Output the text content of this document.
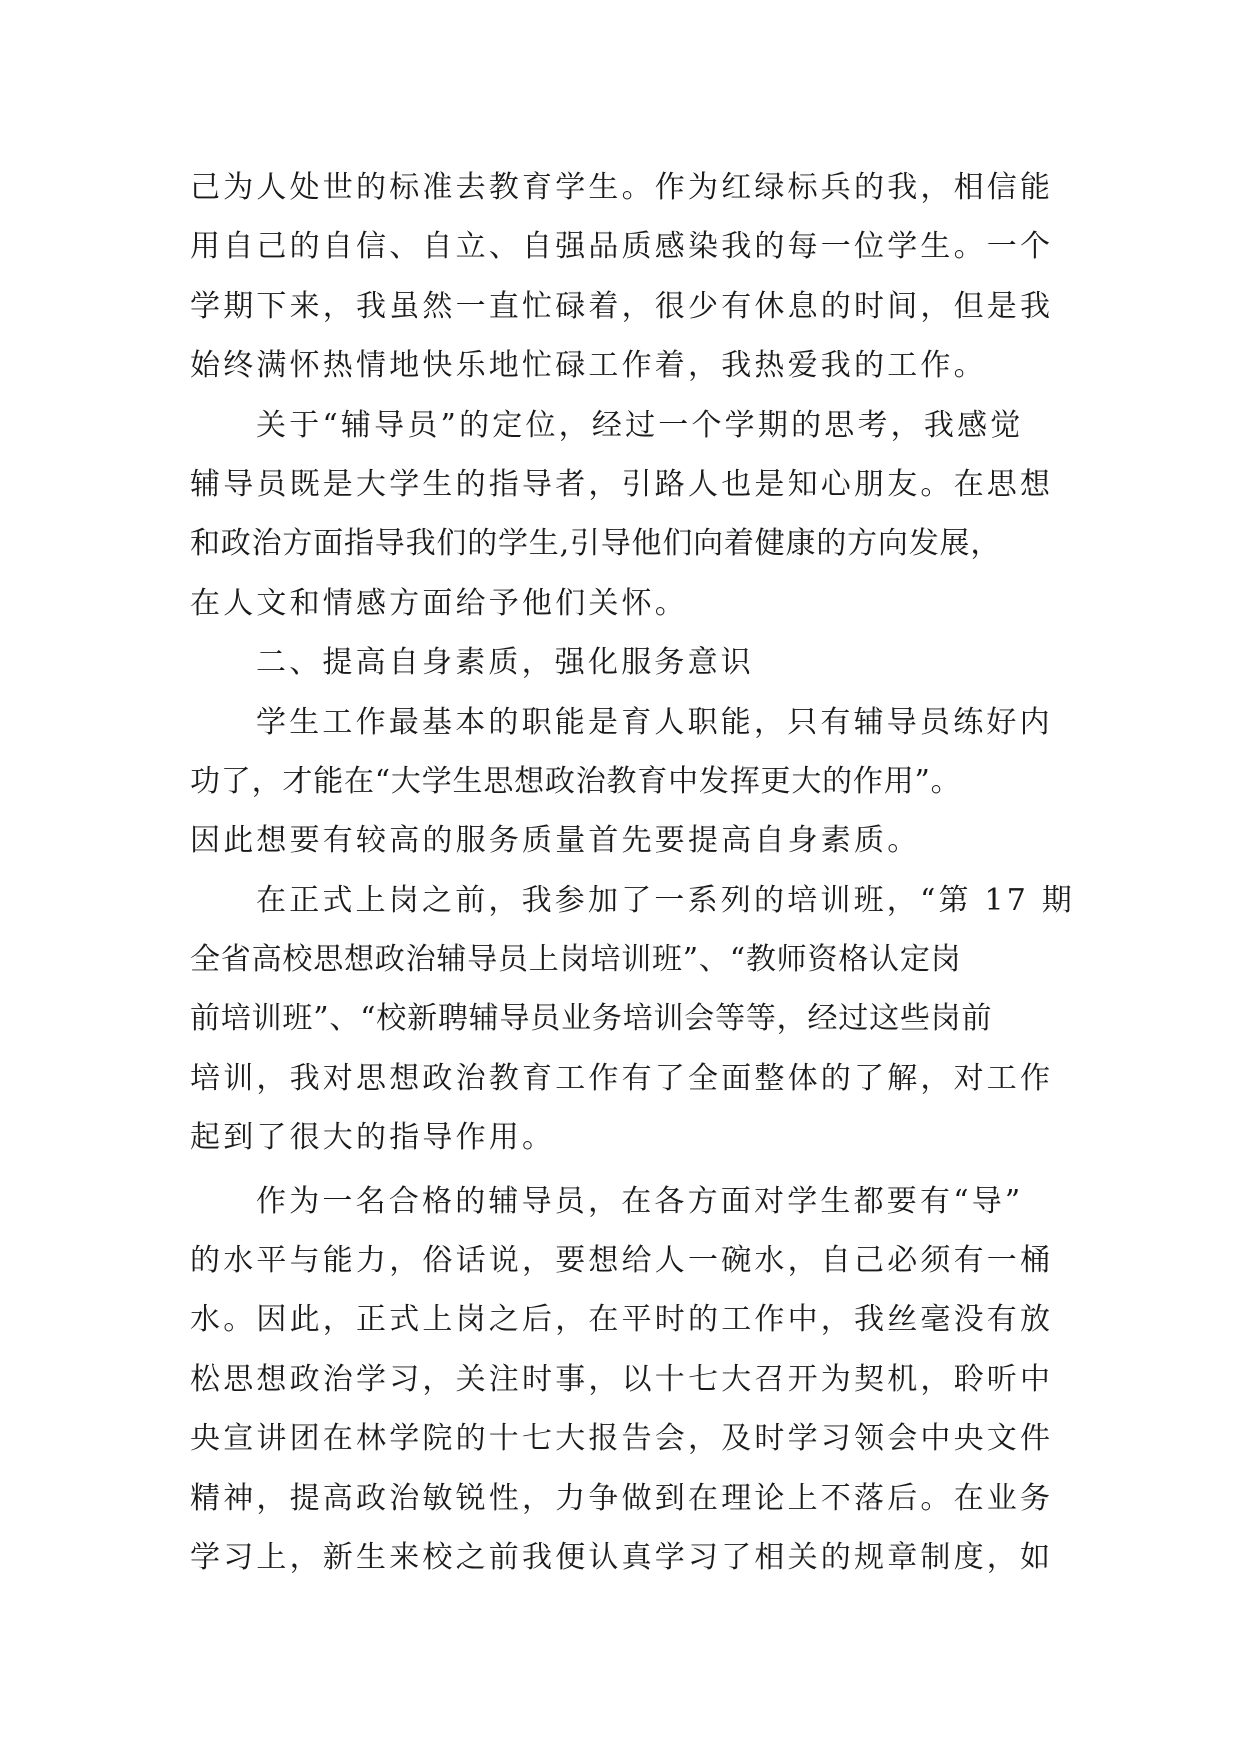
己为人处世的标准去教育学生。作为红绿标兵的我，相信能
用自己的自信、自立、自强品质感染我的每一位学生。一个
学期下来，我虽然一直忙碌着，很少有休息的时间，但是我
始终满怀热情地快乐地忙碌工作着，我热爱我的工作。
关于“辅导员”的定位，经过一个学期的思考，我感觉
辅导员既是大学生的指导者，引路人也是知心朋友。在思想
和政治方面指导我们的学生,引导他们向着健康的方向发展，
在人文和情感方面给予他们关怀。
二、提高自身素质，强化服务意识
学生工作最基本的职能是育人职能，只有辅导员练好内
功了，才能在“大学生思想政治教育中发挥更大的作用”。
因此想要有较高的服务质量首先要提高自身素质。
在正式上岗之前，我参加了一系列的培训班，“第 17 期
全省高校思想政治辅导员上岗培训班”、“教师资格认定岗
前培训班”、“校新聘辅导员业务培训会等等，经过这些岗前
培训，我对思想政治教育工作有了全面整体的了解，对工作
起到了很大的指导作用。
作为一名合格的辅导员，在各方面对学生都要有“导”
的水平与能力，俗话说，要想给人一碗水，自己必须有一桶
水。因此，正式上岗之后，在平时的工作中，我丝毫没有放
松思想政治学习，关注时事，以十七大召开为契机，聆听中
央宣讲团在林学院的十七大报告会，及时学习领会中央文件
精神，提高政治敏锐性，力争做到在理论上不落后。在业务
学习上，新生来校之前我便认真学习了相关的规章制度，如
